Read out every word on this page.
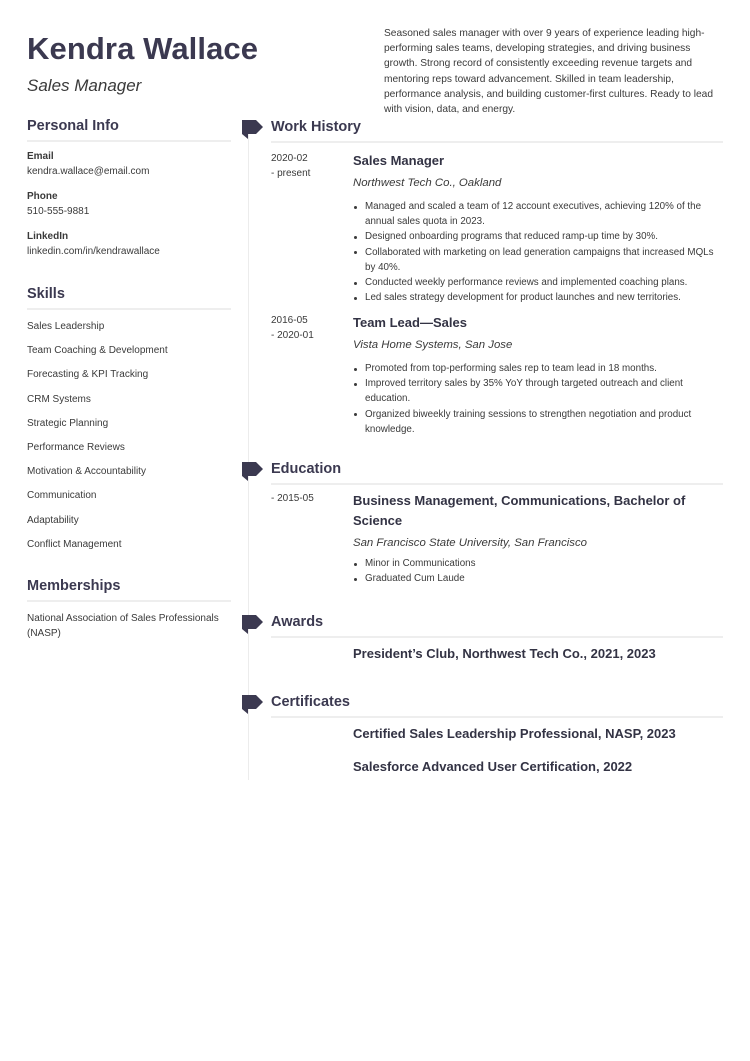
Kendra Wallace
Sales Manager
Seasoned sales manager with over 9 years of experience leading high-performing sales teams, developing strategies, and driving business growth. Strong record of consistently exceeding revenue targets and mentoring reps toward advancement. Skilled in team leadership, performance analysis, and building customer-first cultures. Ready to lead with vision, data, and energy.
Personal Info
Email
kendra.wallace@email.com
Phone
510-555-9881
LinkedIn
linkedin.com/in/kendrawallace
Skills
Sales Leadership
Team Coaching & Development
Forecasting & KPI Tracking
CRM Systems
Strategic Planning
Performance Reviews
Motivation & Accountability
Communication
Adaptability
Conflict Management
Memberships
National Association of Sales Professionals (NASP)
Work History
2020-02
- present
Sales Manager
Northwest Tech Co., Oakland
Managed and scaled a team of 12 account executives, achieving 120% of the annual sales quota in 2023.
Designed onboarding programs that reduced ramp-up time by 30%.
Collaborated with marketing on lead generation campaigns that increased MQLs by 40%.
Conducted weekly performance reviews and implemented coaching plans.
Led sales strategy development for product launches and new territories.
2016-05
- 2020-01
Team Lead—Sales
Vista Home Systems, San Jose
Promoted from top-performing sales rep to team lead in 18 months.
Improved territory sales by 35% YoY through targeted outreach and client education.
Organized biweekly training sessions to strengthen negotiation and product knowledge.
Education
- 2015-05	Business Management, Communications, Bachelor of Science
San Francisco State University, San Francisco
Minor in Communications
Graduated Cum Laude
Awards
President’s Club, Northwest Tech Co., 2021, 2023
Certificates
Certified Sales Leadership Professional, NASP, 2023
Salesforce Advanced User Certification, 2022
